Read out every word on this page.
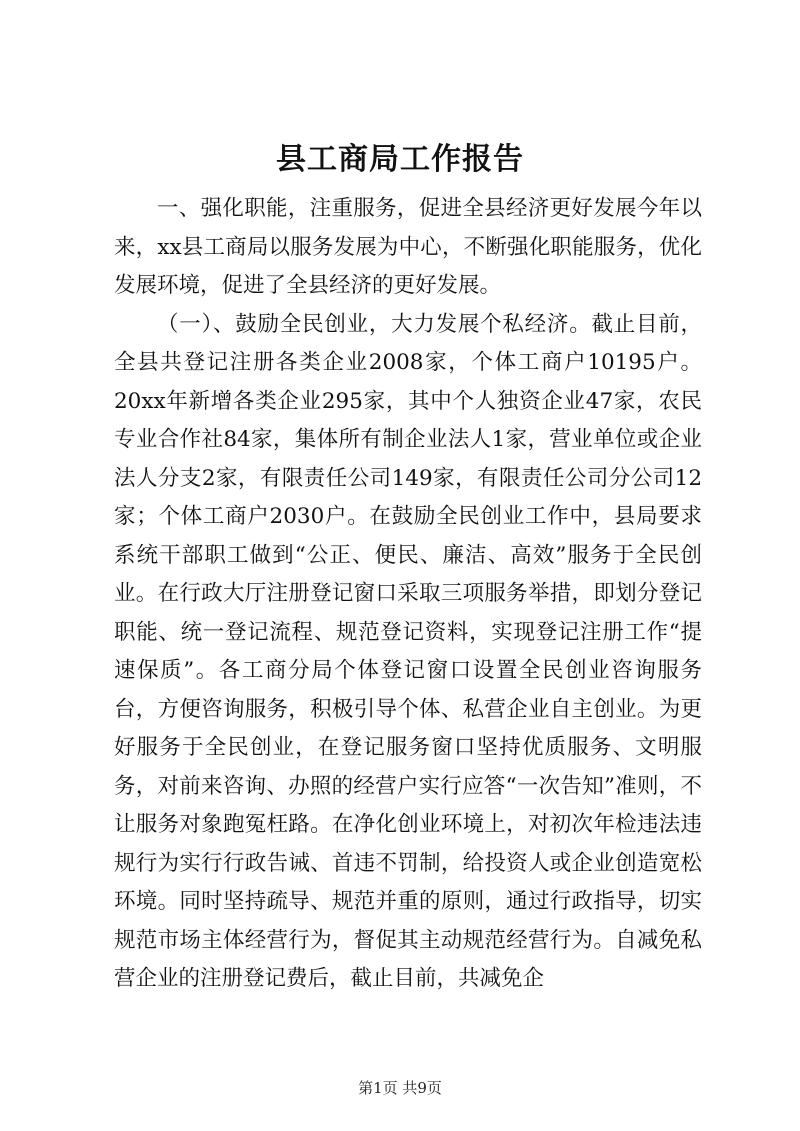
县工商局工作报告

一、强化职能，注重服务，促进全县经济更好发展今年以来，xx县工商局以服务发展为中心，不断强化职能服务，优化发展环境，促进了全县经济的更好发展。

（一）、鼓励全民创业，大力发展个私经济。截止目前，全县共登记注册各类企业2008家，个体工商户10195户。20xx年新增各类企业295家，其中个人独资企业47家，农民专业合作社84家，集体所有制企业法人1家，营业单位或企业法人分支2家，有限责任公司149家，有限责任公司分公司12家；个体工商户2030户。在鼓励全民创业工作中，县局要求系统干部职工做到“公正、便民、廉洁、高效”服务于全民创业。在行政大厅注册登记窗口采取三项服务举措，即划分登记职能、统一登记流程、规范登记资料，实现登记注册工作“提速保质”。各工商分局个体登记窗口设置全民创业咨询服务台，方便咨询服务，积极引导个体、私营企业自主创业。为更好服务于全民创业，在登记服务窗口坚持优质服务、文明服务，对前来咨询、办照的经营户实行应答“一次告知”准则，不让服务对象跑冤枉路。在净化创业环境上，对初次年检违法违规行为实行行政告诫、首违不罚制，给投资人或企业创造宽松环境。同时坚持疏导、规范并重的原则，通过行政指导，切实规范市场主体经营行为，督促其主动规范经营行为。自减免私营企业的注册登记费后，截止目前，共减免企

第1页 共9页
